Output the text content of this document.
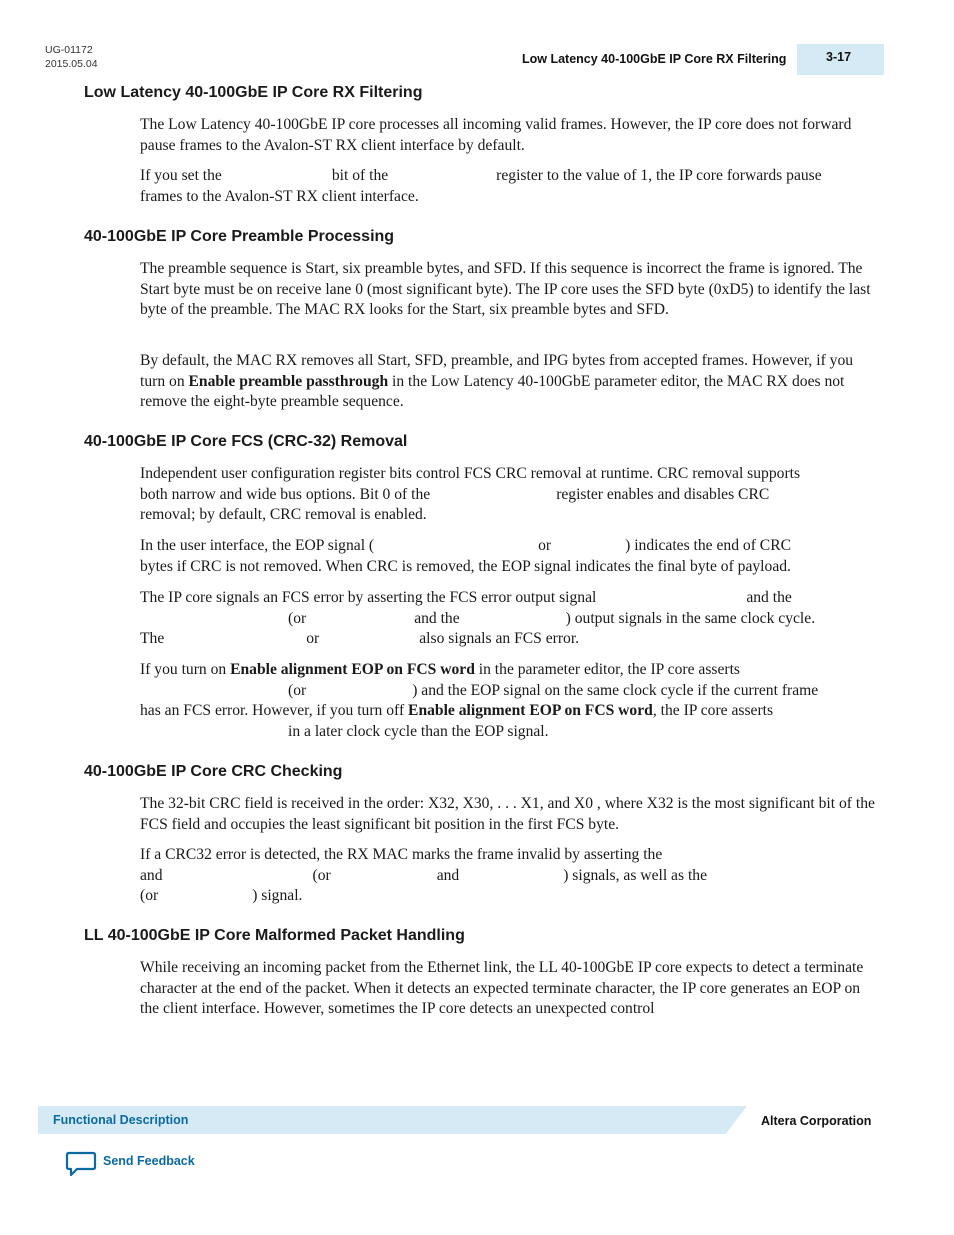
UG-01172
2015.05.04	Low Latency 40-100GbE IP Core RX Filtering	3-17
Low Latency 40-100GbE IP Core RX Filtering

The Low Latency 40-100GbE IP core processes all incoming valid frames. However, the IP core does not forward pause frames to the Avalon-ST RX client interface by default.

If you set the	bit of the	register to the value of 1, the IP core forwards pause
frames to the Avalon-ST RX client interface.

40-100GbE IP Core Preamble Processing

The preamble sequence is Start, six preamble bytes, and SFD. If this sequence is incorrect the frame is ignored. The Start byte must be on receive lane 0 (most significant byte). The IP core uses the SFD byte (0xD5) to identify the last byte of the preamble. The MAC RX looks for the Start, six preamble bytes and SFD.

By default, the MAC RX removes all Start, SFD, preamble, and IPG bytes from accepted frames. However, if you turn on Enable preamble passthrough in the Low Latency 40-100GbE parameter editor, the MAC RX does not remove the eight-byte preamble sequence.

40-100GbE IP Core FCS (CRC-32) Removal

Independent user configuration register bits control FCS CRC removal at runtime. CRC removal supports
both narrow and wide bus options. Bit 0 of the	register enables and disables CRC
removal; by default, CRC removal is enabled.

In the user interface, the EOP signal (	or	) indicates the end of CRC
bytes if CRC is not removed. When CRC is removed, the EOP signal indicates the final byte of payload.

The IP core signals an FCS error by asserting the FCS error output signal	and the
(or	and the	) output signals in the same clock cycle.
The	or	also signals an FCS error.

If you turn on Enable alignment EOP on FCS word in the parameter editor, the IP core asserts
(or	) and the EOP signal on the same clock cycle if the current frame
has an FCS error. However, if you turn off Enable alignment EOP on FCS word, the IP core asserts
in a later clock cycle than the EOP signal.

40-100GbE IP Core CRC Checking

The 32-bit CRC field is received in the order: X32, X30, . . . X1, and X0 , where X32 is the most significant bit of the FCS field and occupies the least significant bit position in the first FCS byte.

If a CRC32 error is detected, the RX MAC marks the frame invalid by asserting the
and	(or	and	) signals, as well as the
(or	) signal.

LL 40-100GbE IP Core Malformed Packet Handling

While receiving an incoming packet from the Ethernet link, the LL 40-100GbE IP core expects to detect a terminate character at the end of the packet. When it detects an expected terminate character, the IP core generates an EOP on the client interface. However, sometimes the IP core detects an unexpected control

Functional Description	Altera Corporation
Send Feedback
